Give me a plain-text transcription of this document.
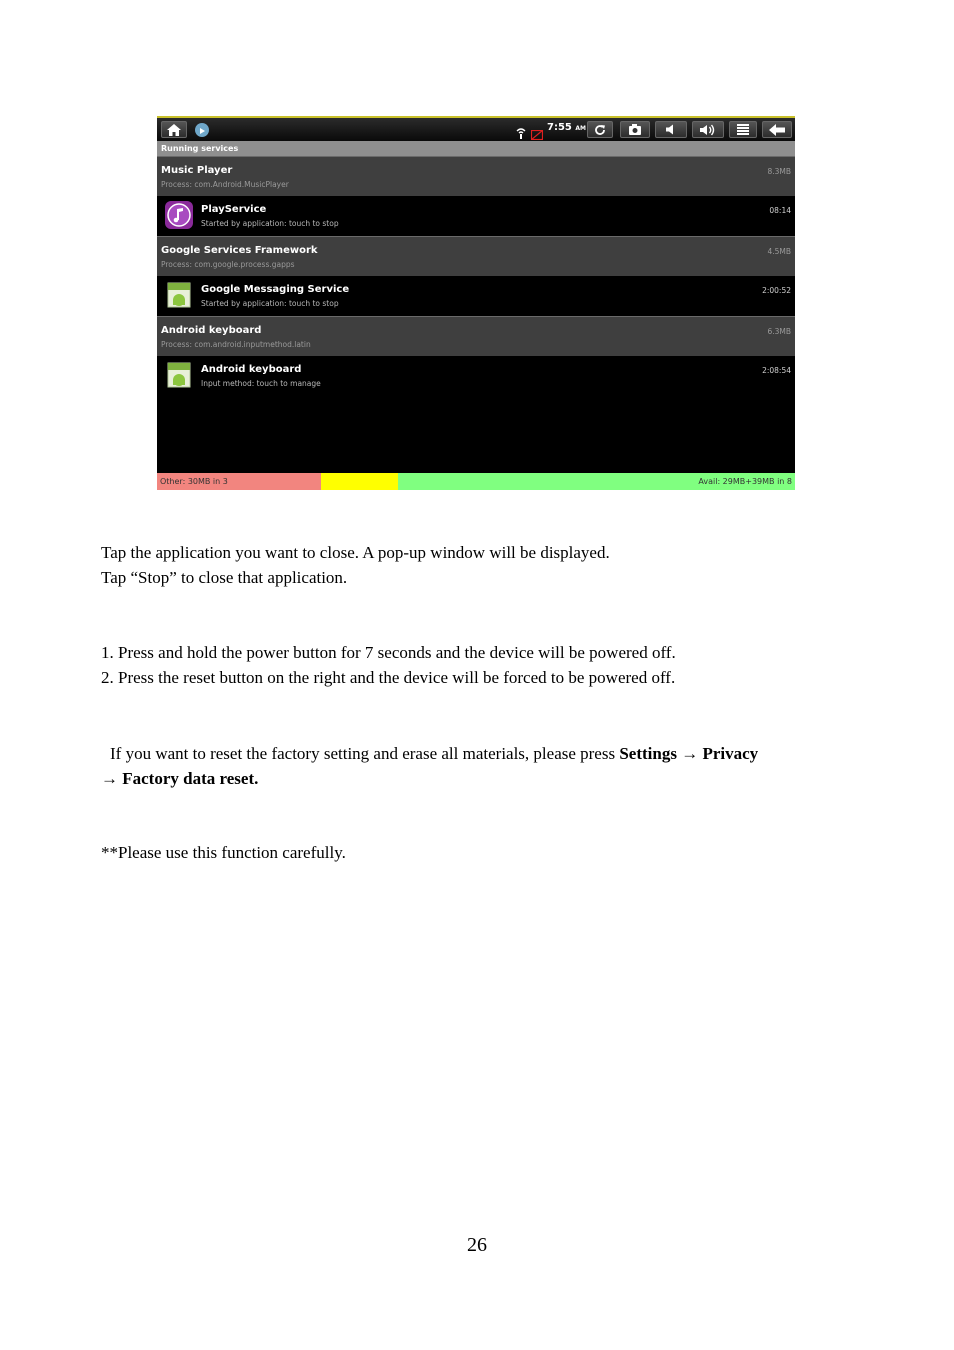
7:55 AM
Running services
Music Player
Process: com.Android.MusicPlayer
8.3MB
PlayService
Started by application: touch to stop
08:14
Google Services Framework
Process: com.google.process.gapps
4.5MB
Google Messaging Service
Started by application: touch to stop
2:00:52
Android keyboard
Process: com.android.inputmethod.latin
6.3MB
Android keyboard
Input method: touch to manage
2:08:54
Other: 30MB in 3	Avail: 29MB+39MB in 8
Tap the application you want to close. A pop-up window will be displayed.
Tap “Stop” to close that application.
1. Press and hold the power button for 7 seconds and the device will be powered off.
2. Press the reset button on the right and the device will be forced to be powered off.
If you want to reset the factory setting and erase all materials, please press Settings → Privacy
→ Factory data reset.
**Please use this function carefully.
26
